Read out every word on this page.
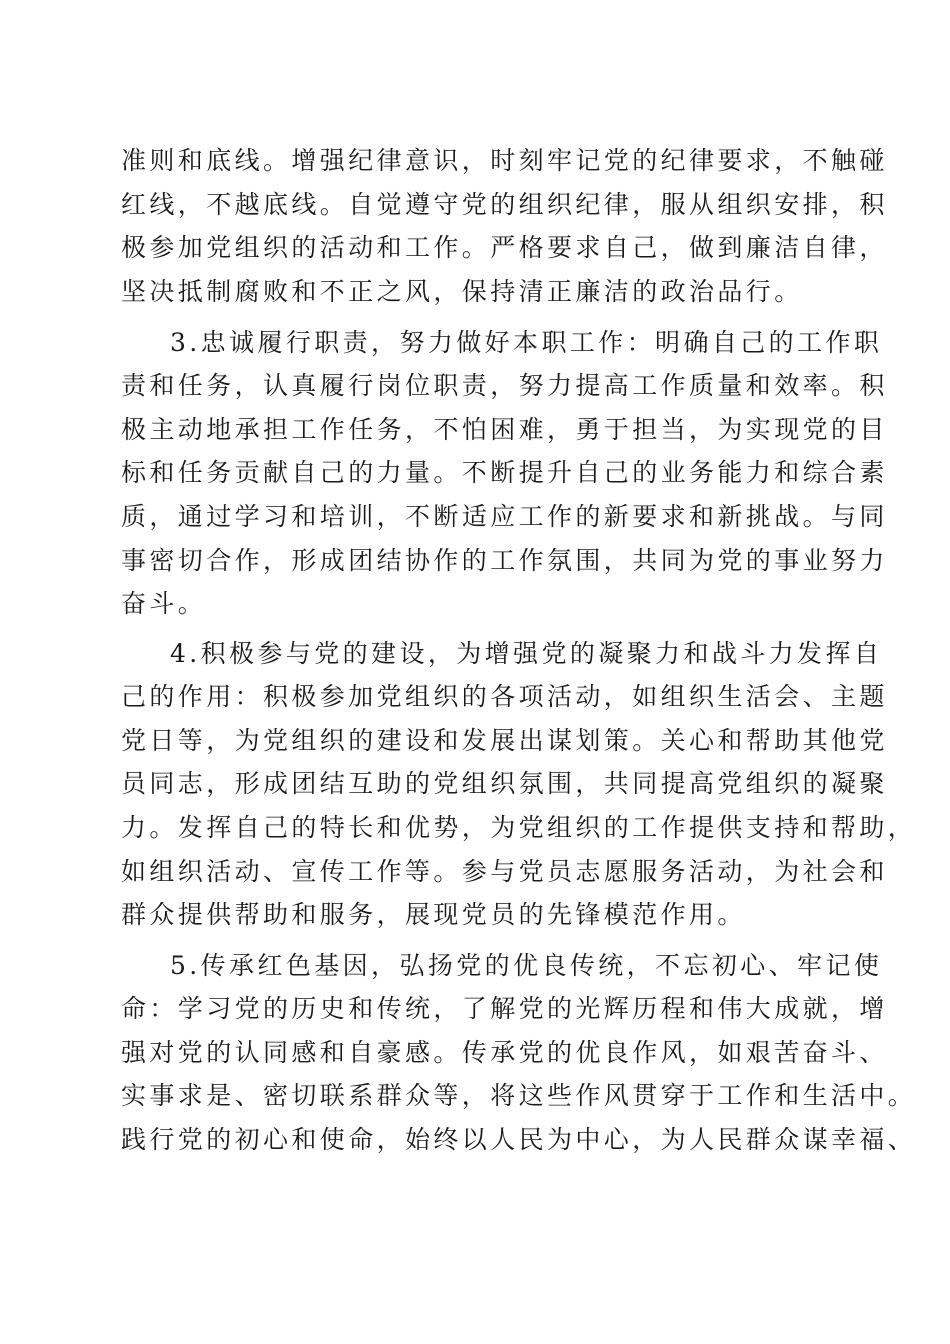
准则和底线。增强纪律意识，时刻牢记党的纪律要求，不触碰
红线，不越底线。自觉遵守党的组织纪律，服从组织安排，积
极参加党组织的活动和工作。严格要求自己，做到廉洁自律，
坚决抵制腐败和不正之风，保持清正廉洁的政治品行。
3.忠诚履行职责，努力做好本职工作：明确自己的工作职
责和任务，认真履行岗位职责，努力提高工作质量和效率。积
极主动地承担工作任务，不怕困难，勇于担当，为实现党的目
标和任务贡献自己的力量。不断提升自己的业务能力和综合素
质，通过学习和培训，不断适应工作的新要求和新挑战。与同
事密切合作，形成团结协作的工作氛围，共同为党的事业努力
奋斗。
4.积极参与党的建设，为增强党的凝聚力和战斗力发挥自
己的作用：积极参加党组织的各项活动，如组织生活会、主题
党日等，为党组织的建设和发展出谋划策。关心和帮助其他党
员同志，形成团结互助的党组织氛围，共同提高党组织的凝聚
力。发挥自己的特长和优势，为党组织的工作提供支持和帮助，
如组织活动、宣传工作等。参与党员志愿服务活动，为社会和
群众提供帮助和服务，展现党员的先锋模范作用。
5.传承红色基因，弘扬党的优良传统，不忘初心、牢记使
命：学习党的历史和传统，了解党的光辉历程和伟大成就，增
强对党的认同感和自豪感。传承党的优良作风，如艰苦奋斗、
实事求是、密切联系群众等，将这些作风贯穿于工作和生活中。
践行党的初心和使命，始终以人民为中心，为人民群众谋幸福、
